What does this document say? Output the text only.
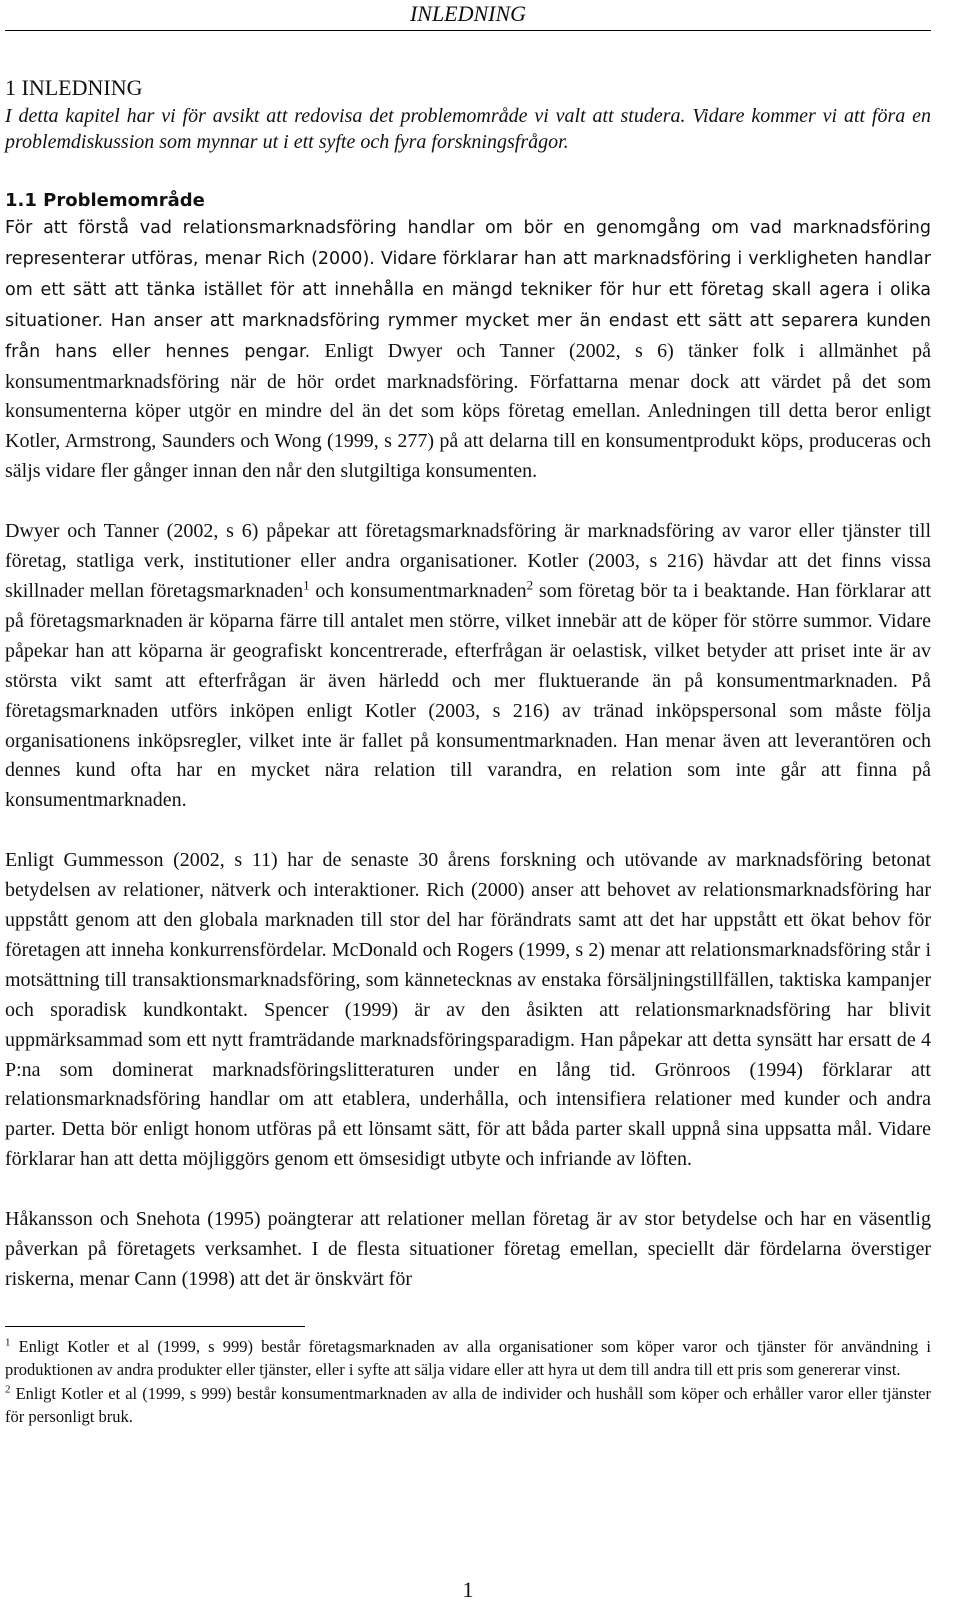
INLEDNING
1 INLEDNING

I detta kapitel har vi för avsikt att redovisa det problemområde vi valt att studera. Vidare kommer vi att föra en problemdiskussion som mynnar ut i ett syfte och fyra forskningsfrågor.

1.1 Problemområde

För att förstå vad relationsmarknadsföring handlar om bör en genomgång om vad marknadsföring representerar utföras, menar Rich (2000). Vidare förklarar han att marknadsföring i verkligheten handlar om ett sätt att tänka istället för att innehålla en mängd tekniker för hur ett företag skall agera i olika situationer. Han anser att marknadsföring rymmer mycket mer än endast ett sätt att separera kunden från hans eller hennes pengar. Enligt Dwyer och Tanner (2002, s 6) tänker folk i allmänhet på konsumentmarknadsföring när de hör ordet marknadsföring. Författarna menar dock att värdet på det som konsumenterna köper utgör en mindre del än det som köps företag emellan. Anledningen till detta beror enligt Kotler, Armstrong, Saunders och Wong (1999, s 277) på att delarna till en konsumentprodukt köps, produceras och säljs vidare fler gånger innan den når den slutgiltiga konsumenten.

Dwyer och Tanner (2002, s 6) påpekar att företagsmarknadsföring är marknadsföring av varor eller tjänster till företag, statliga verk, institutioner eller andra organisationer. Kotler (2003, s 216) hävdar att det finns vissa skillnader mellan företagsmarknaden$^1$ och konsumentmarknaden$^2$ som företag bör ta i beaktande. Han förklarar att på företagsmarknaden är köparna färre till antalet men större, vilket innebär att de köper för större summor. Vidare påpekar han att köparna är geografiskt koncentrerade, efterfrågan är oelastisk, vilket betyder att priset inte är av största vikt samt att efterfrågan är även härledd och mer fluktuerande än på konsumentmarknaden. På företagsmarknaden utförs inköpen enligt Kotler (2003, s 216) av tränad inköpspersonal som måste följa organisationens inköpsregler, vilket inte är fallet på konsumentmarknaden. Han menar även att leverantören och dennes kund ofta har en mycket nära relation till varandra, en relation som inte går att finna på konsumentmarknaden.

Enligt Gummesson (2002, s 11) har de senaste 30 årens forskning och utövande av marknadsföring betonat betydelsen av relationer, nätverk och interaktioner. Rich (2000) anser att behovet av relationsmarknadsföring har uppstått genom att den globala marknaden till stor del har förändrats samt att det har uppstått ett ökat behov för företagen att inneha konkurrensfördelar. McDonald och Rogers (1999, s 2) menar att relationsmarknadsföring står i motsättning till transaktionsmarknadsföring, som kännetecknas av enstaka försäljningstillfällen, taktiska kampanjer och sporadisk kundkontakt. Spencer (1999) är av den åsikten att relationsmarknadsföring har blivit uppmärksammad som ett nytt framträdande marknadsföringsparadigm. Han påpekar att detta synsätt har ersatt de 4 P:na som dominerat marknadsföringslitteraturen under en lång tid. Grönroos (1994) förklarar att relationsmarknadsföring handlar om att etablera, underhålla, och intensifiera relationer med kunder och andra parter. Detta bör enligt honom utföras på ett lönsamt sätt, för att båda parter skall uppnå sina uppsatta mål. Vidare förklarar han att detta möjliggörs genom ett ömsesidigt utbyte och infriande av löften.

Håkansson och Snehota (1995) poängterar att relationer mellan företag är av stor betydelse och har en väsentlig påverkan på företagets verksamhet. I de flesta situationer företag emellan, speciellt där fördelarna överstiger riskerna, menar Cann (1998) att det är önskvärt för

$^1$ Enligt Kotler et al (1999, s 999) består företagsmarknaden av alla organisationer som köper varor och tjänster för användning i produktionen av andra produkter eller tjänster, eller i syfte att sälja vidare eller att hyra ut dem till andra till ett pris som genererar vinst.

$^2$ Enligt Kotler et al (1999, s 999) består konsumentmarknaden av alla de individer och hushåll som köper och erhåller varor eller tjänster för personligt bruk.

1
